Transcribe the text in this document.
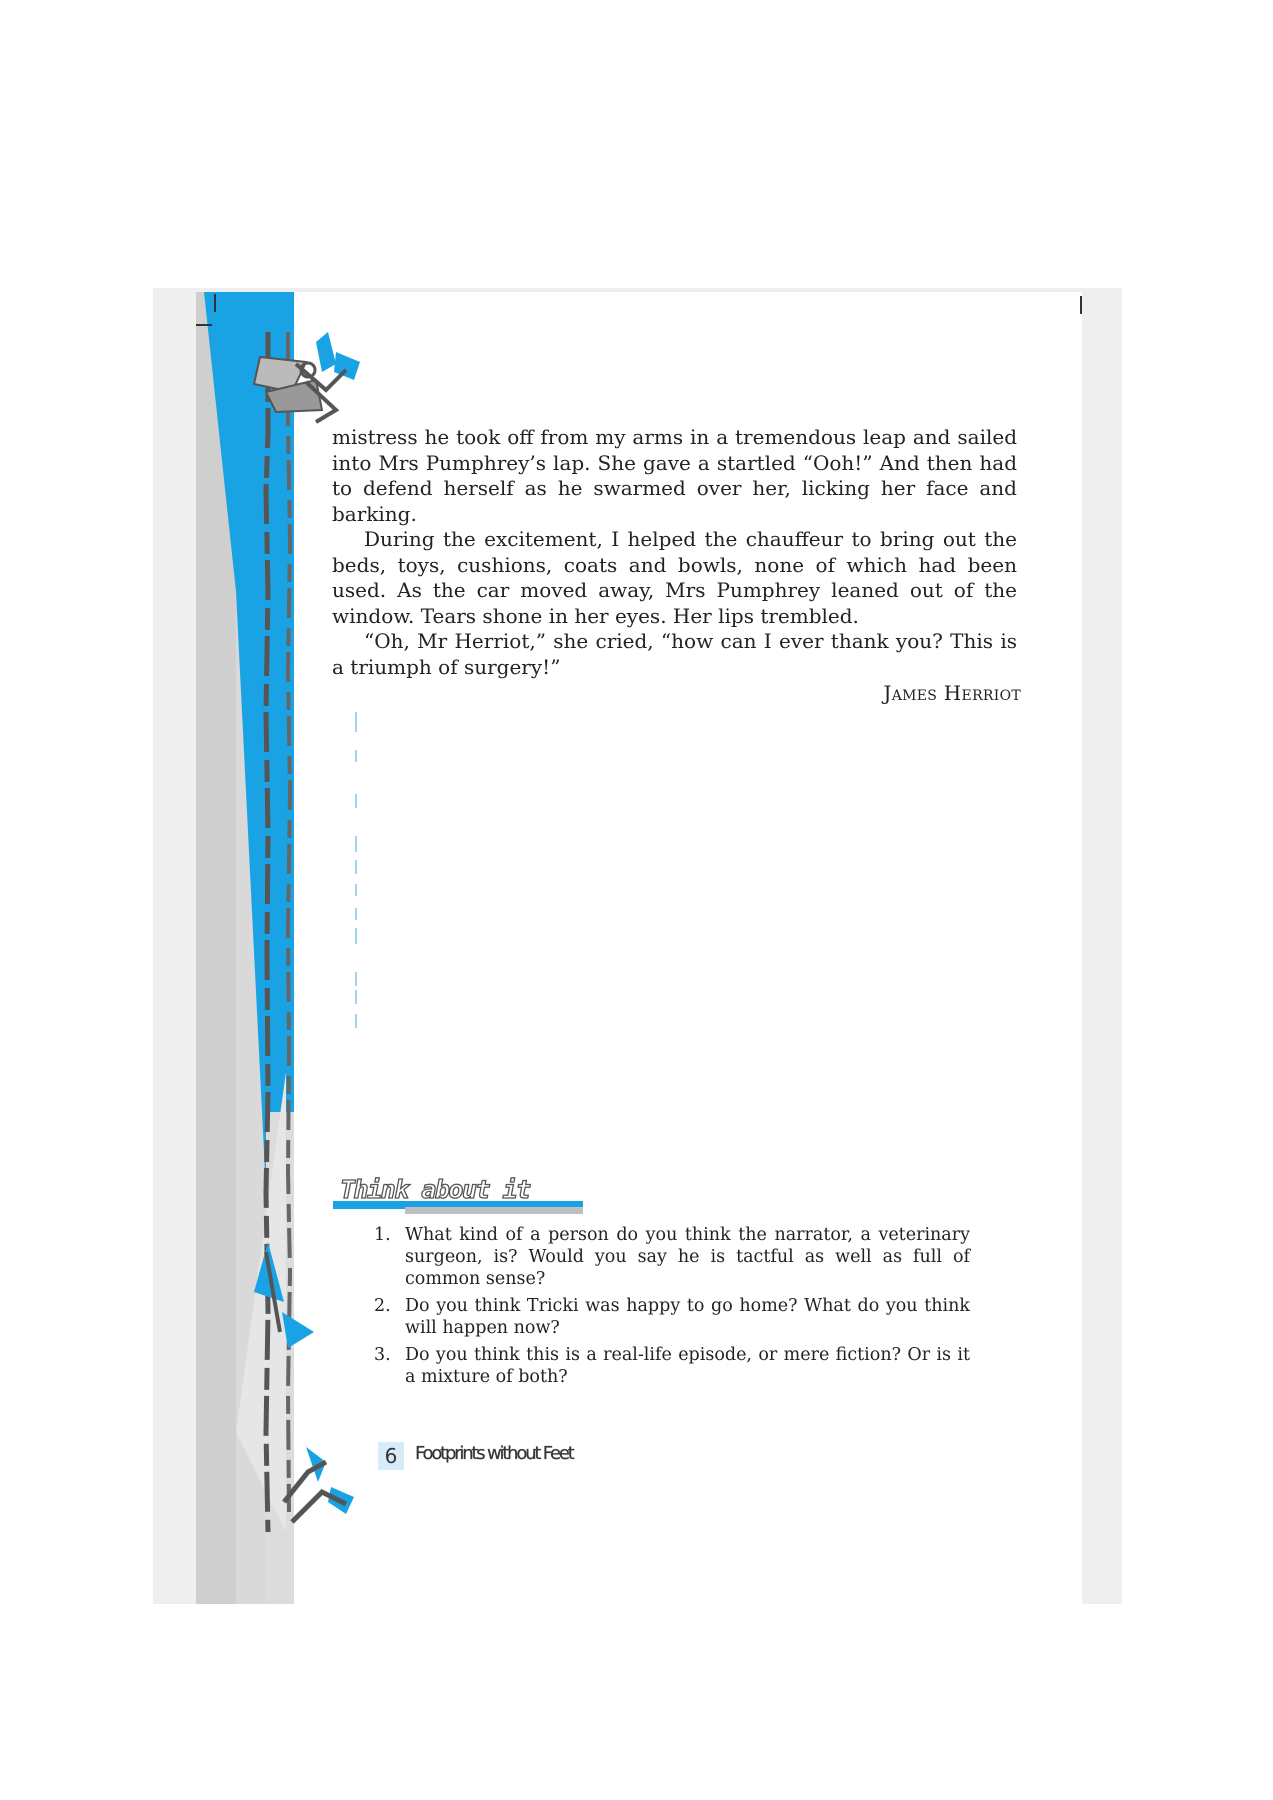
mistress he took off from my arms in a tremendous leap and sailed into Mrs Pumphrey’s lap. She gave a startled “Ooh!” And then had to defend herself as he swarmed over her, licking her face and barking.

During the excitement, I helped the chauffeur to bring out the beds, toys, cushions, coats and bowls, none of which had been used. As the car moved away, Mrs Pumphrey leaned out of the window. Tears shone in her eyes. Her lips trembled.

“Oh, Mr Herriot,” she cried, “how can I ever thank you? This is a triumph of surgery!”

James Herriot
Think about it
1. What kind of a person do you think the narrator, a veterinary surgeon, is? Would you say he is tactful as well as full of common sense?
2. Do you think Tricki was happy to go home? What do you think will happen now?
3. Do you think this is a real-life episode, or mere fiction? Or is it a mixture of both?
6 Footprints without Feet
